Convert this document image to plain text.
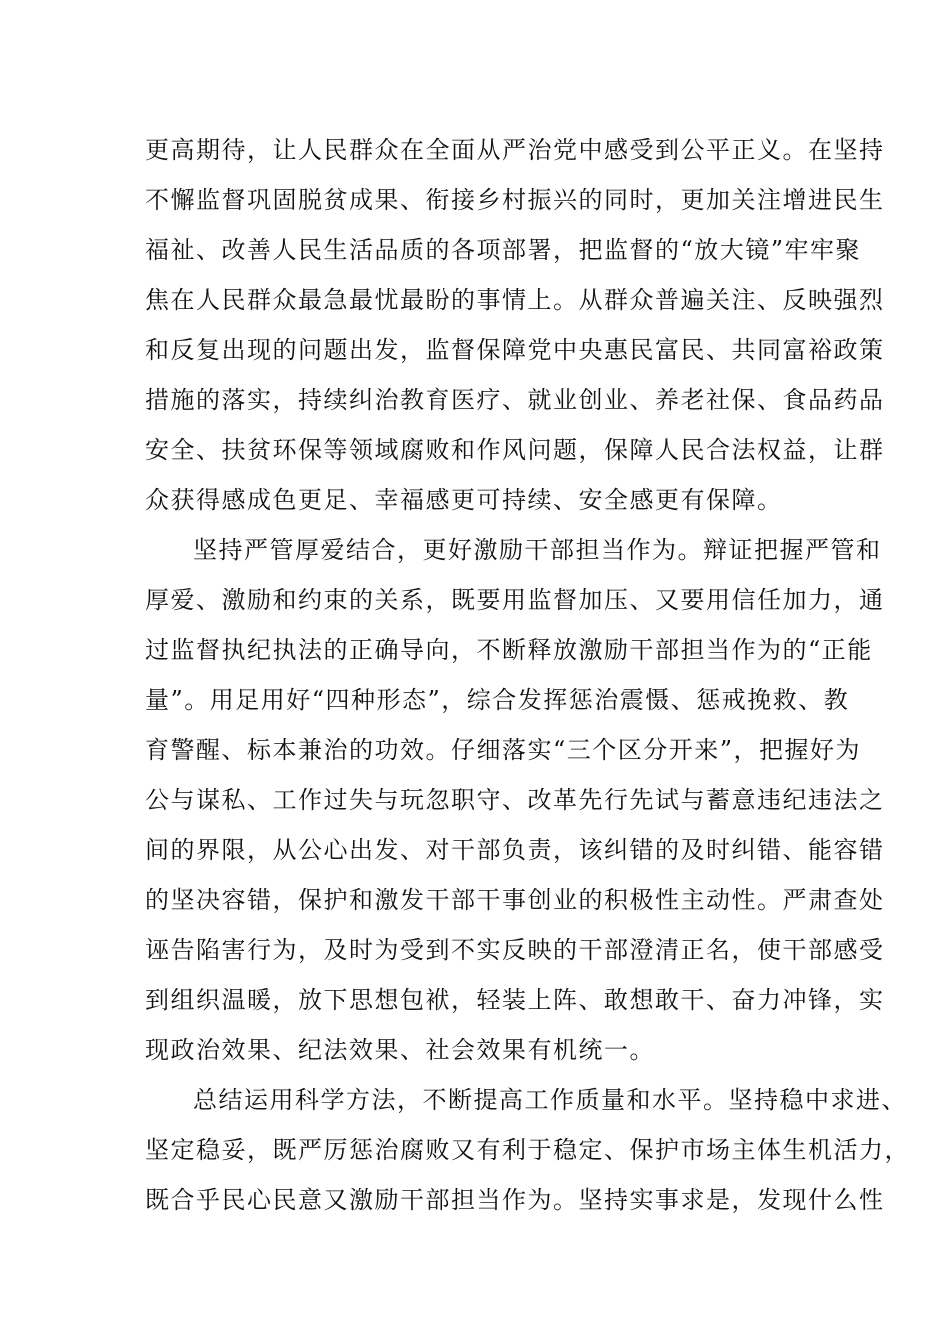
更高期待，让人民群众在全面从严治党中感受到公平正义。在坚持
不懈监督巩固脱贫成果、衔接乡村振兴的同时，更加关注增进民生
福祉、改善人民生活品质的各项部署，把监督的“放大镜”牢牢聚
焦在人民群众最急最忧最盼的事情上。从群众普遍关注、反映强烈
和反复出现的问题出发，监督保障党中央惠民富民、共同富裕政策
措施的落实，持续纠治教育医疗、就业创业、养老社保、食品药品
安全、扶贫环保等领域腐败和作风问题，保障人民合法权益，让群
众获得感成色更足、幸福感更可持续、安全感更有保障。
坚持严管厚爱结合，更好激励干部担当作为。辩证把握严管和
厚爱、激励和约束的关系，既要用监督加压、又要用信任加力，通
过监督执纪执法的正确导向，不断释放激励干部担当作为的“正能
量”。用足用好“四种形态”，综合发挥惩治震慑、惩戒挽救、教
育警醒、标本兼治的功效。仔细落实“三个区分开来”，把握好为
公与谋私、工作过失与玩忽职守、改革先行先试与蓄意违纪违法之
间的界限，从公心出发、对干部负责，该纠错的及时纠错、能容错
的坚决容错，保护和激发干部干事创业的积极性主动性。严肃查处
诬告陷害行为，及时为受到不实反映的干部澄清正名，使干部感受
到组织温暖，放下思想包袱，轻装上阵、敢想敢干、奋力冲锋，实
现政治效果、纪法效果、社会效果有机统一。
总结运用科学方法，不断提高工作质量和水平。坚持稳中求进、
坚定稳妥，既严厉惩治腐败又有利于稳定、保护市场主体生机活力，
既合乎民心民意又激励干部担当作为。坚持实事求是，发现什么性
